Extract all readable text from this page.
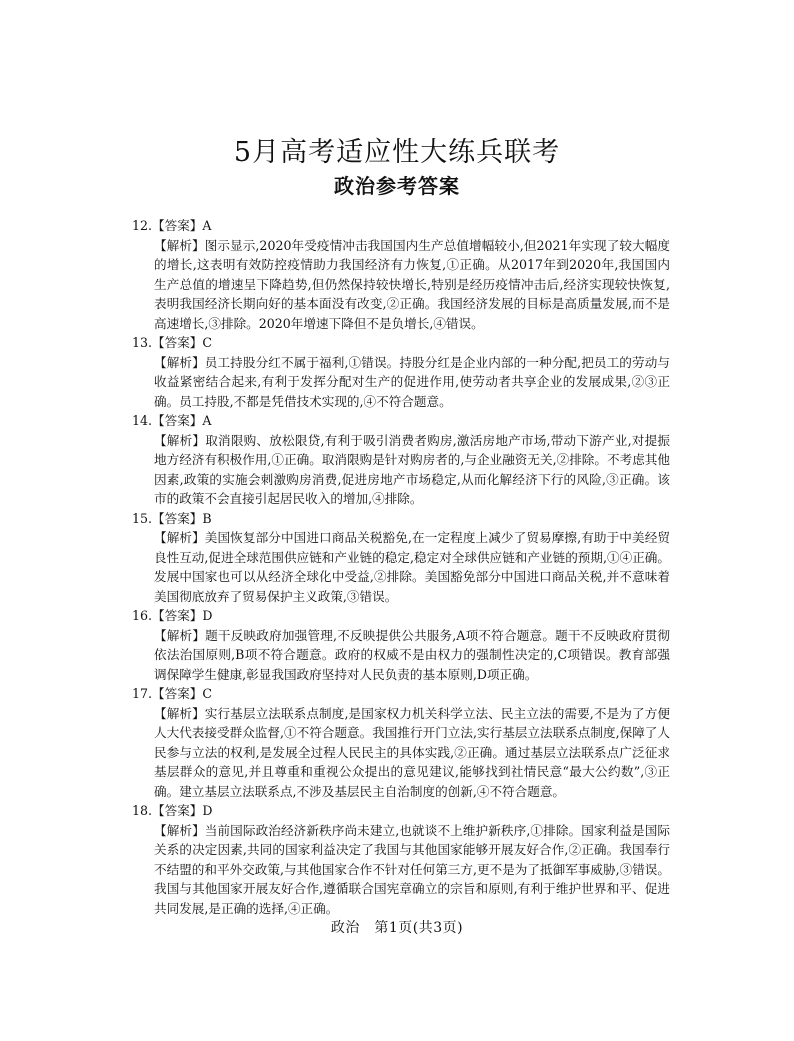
5月高考适应性大练兵联考
政治参考答案

12.【答案】A

【解析】图示显示,2020年受疫情冲击我国国内生产总值增幅较小,但2021年实现了较大幅度的增长,这表明有效防控疫情助力我国经济有力恢复,①正确。从2017年到2020年,我国国内生产总值的增速呈下降趋势,但仍然保持较快增长,特别是经历疫情冲击后,经济实现较快恢复,表明我国经济长期向好的基本面没有改变,②正确。我国经济发展的目标是高质量发展,而不是高速增长,③排除。2020年增速下降但不是负增长,④错误。

13.【答案】C

【解析】员工持股分红不属于福利,①错误。持股分红是企业内部的一种分配,把员工的劳动与收益紧密结合起来,有利于发挥分配对生产的促进作用,使劳动者共享企业的发展成果,②③正确。员工持股,不都是凭借技术实现的,④不符合题意。

14.【答案】A

【解析】取消限购、放松限贷,有利于吸引消费者购房,激活房地产市场,带动下游产业,对提振地方经济有积极作用,①正确。取消限购是针对购房者的,与企业融资无关,②排除。不考虑其他因素,政策的实施会刺激购房消费,促进房地产市场稳定,从而化解经济下行的风险,③正确。该市的政策不会直接引起居民收入的增加,④排除。

15.【答案】B

【解析】美国恢复部分中国进口商品关税豁免,在一定程度上减少了贸易摩擦,有助于中美经贸良性互动,促进全球范围供应链和产业链的稳定,稳定对全球供应链和产业链的预期,①④正确。发展中国家也可以从经济全球化中受益,②排除。美国豁免部分中国进口商品关税,并不意味着美国彻底放弃了贸易保护主义政策,③错误。

16.【答案】D

【解析】题干反映政府加强管理,不反映提供公共服务,A项不符合题意。题干不反映政府贯彻依法治国原则,B项不符合题意。政府的权威不是由权力的强制性决定的,C项错误。教育部强调保障学生健康,彰显我国政府坚持对人民负责的基本原则,D项正确。

17.【答案】C

【解析】实行基层立法联系点制度,是国家权力机关科学立法、民主立法的需要,不是为了方便人大代表接受群众监督,①不符合题意。我国推行开门立法,实行基层立法联系点制度,保障了人民参与立法的权利,是发展全过程人民民主的具体实践,②正确。通过基层立法联系点广泛征求基层群众的意见,并且尊重和重视公众提出的意见建议,能够找到社情民意“最大公约数”,③正确。建立基层立法联系点,不涉及基层民主自治制度的创新,④不符合题意。

18.【答案】D

【解析】当前国际政治经济新秩序尚未建立,也就谈不上维护新秩序,①排除。国家利益是国际关系的决定因素,共同的国家利益决定了我国与其他国家能够开展友好合作,②正确。我国奉行不结盟的和平外交政策,与其他国家合作不针对任何第三方,更不是为了抵御军事威胁,③错误。我国与其他国家开展友好合作,遵循联合国宪章确立的宗旨和原则,有利于维护世界和平、促进共同发展,是正确的选择,④正确。

政治　第1页(共3页)
